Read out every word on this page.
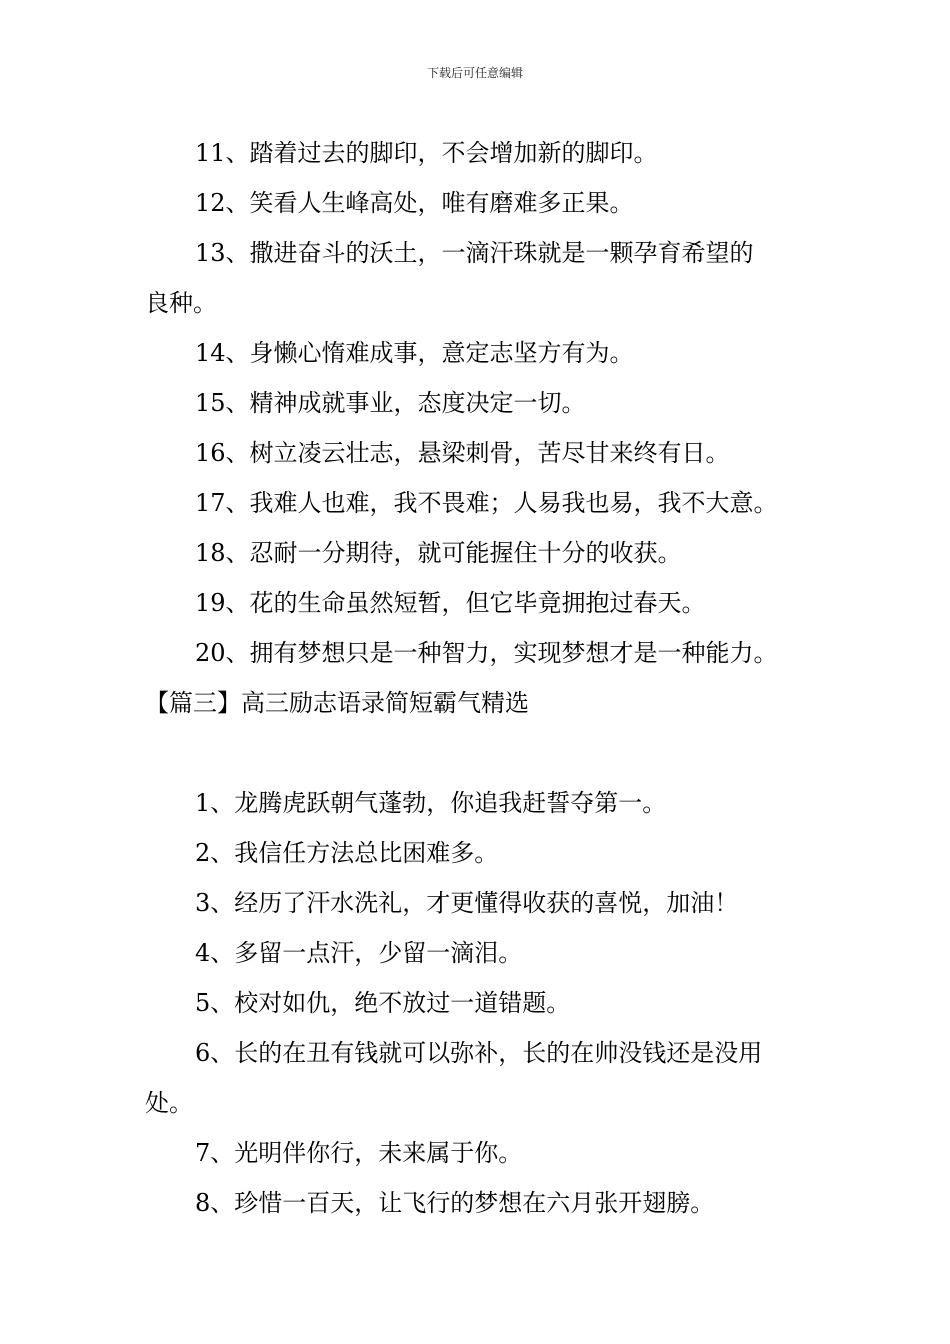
下载后可任意编辑
11、踏着过去的脚印，不会增加新的脚印。
12、笑看人生峰高处，唯有磨难多正果。
13、撒进奋斗的沃土，一滴汗珠就是一颗孕育希望的
良种。
14、身懒心惰难成事，意定志坚方有为。
15、精神成就事业，态度决定一切。
16、树立凌云壮志，悬梁刺骨，苦尽甘来终有日。
17、我难人也难，我不畏难；人易我也易，我不大意。
18、忍耐一分期待，就可能握住十分的收获。
19、花的生命虽然短暂，但它毕竟拥抱过春天。
20、拥有梦想只是一种智力，实现梦想才是一种能力。
【篇三】高三励志语录简短霸气精选
1、龙腾虎跃朝气蓬勃，你追我赶誓夺第一。
2、我信任方法总比困难多。
3、经历了汗水洗礼，才更懂得收获的喜悦，加油！
4、多留一点汗，少留一滴泪。
5、校对如仇，绝不放过一道错题。
6、长的在丑有钱就可以弥补，长的在帅没钱还是没用
处。
7、光明伴你行，未来属于你。
8、珍惜一百天，让飞行的梦想在六月张开翅膀。
